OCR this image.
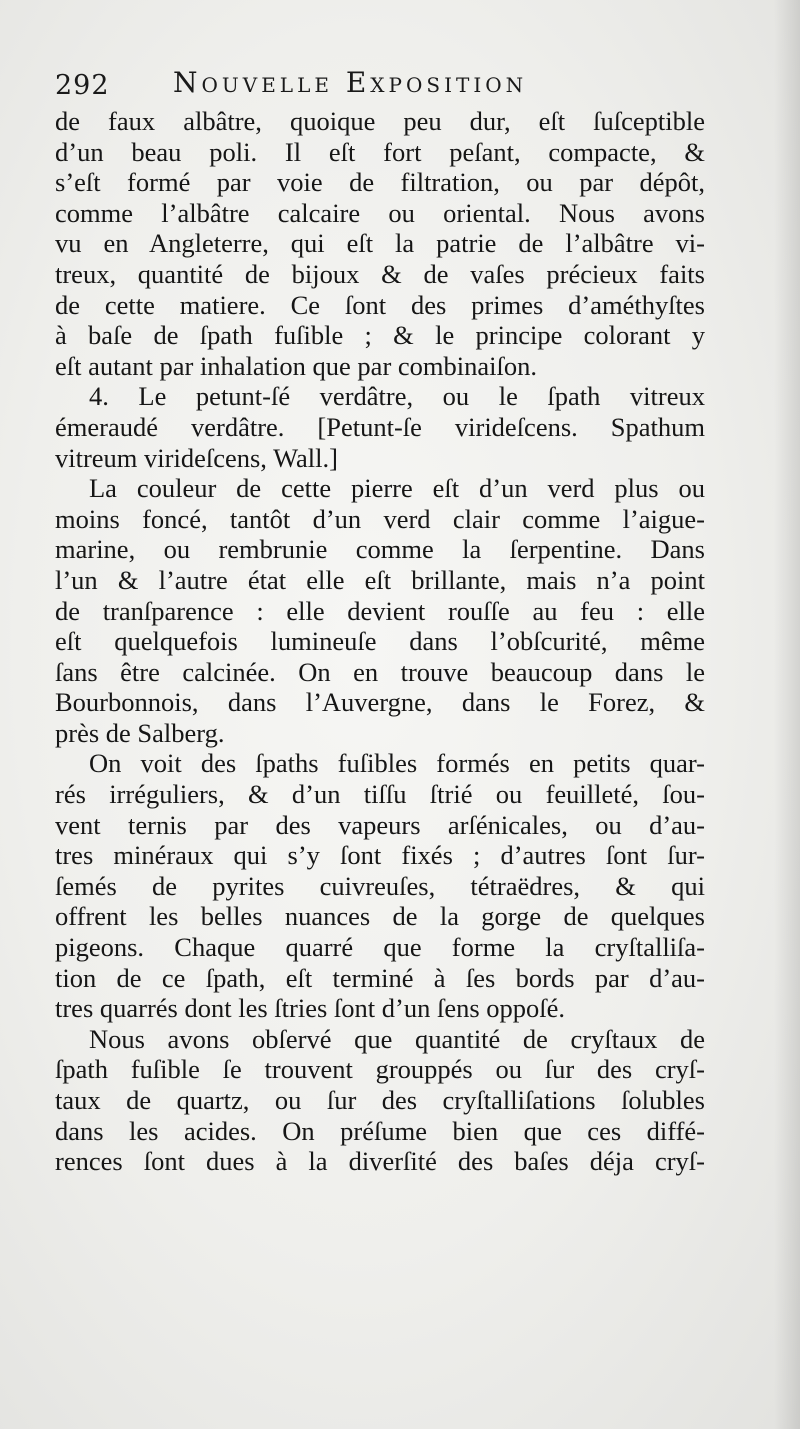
292 Nouvelle Exposition
de faux albâtre, quoique peu dur, eſt ſuſceptible
d’un beau poli. Il eſt fort peſant, compacte, &
s’eſt formé par voie de filtration, ou par dépôt,
comme l’albâtre calcaire ou oriental. Nous avons
vu en Angleterre, qui eſt la patrie de l’albâtre vi-
treux, quantité de bijoux & de vaſes précieux faits
de cette matiere. Ce ſont des primes d’améthyſtes
à baſe de ſpath fuſible ; & le principe colorant y
eſt autant par inhalation que par combinaiſon.
4. Le petunt-ſé verdâtre, ou le ſpath vitreux
émeraudé verdâtre. [Petunt-ſe virideſcens. Spathum
vitreum virideſcens, Wall.]
La couleur de cette pierre eſt d’un verd plus ou
moins foncé, tantôt d’un verd clair comme l’aigue-
marine, ou rembrunie comme la ſerpentine. Dans
l’un & l’autre état elle eſt brillante, mais n’a point
de tranſparence : elle devient rouſſe au feu : elle
eſt quelquefois lumineuſe dans l’obſcurité, même
ſans être calcinée. On en trouve beaucoup dans le
Bourbonnois, dans l’Auvergne, dans le Forez, &
près de Salberg.
On voit des ſpaths fuſibles formés en petits quar-
rés irréguliers, & d’un tiſſu ſtrié ou feuilleté, ſou-
vent ternis par des vapeurs arſénicales, ou d’au-
tres minéraux qui s’y ſont fixés ; d’autres ſont ſur-
ſemés de pyrites cuivreuſes, tétraëdres, & qui
offrent les belles nuances de la gorge de quelques
pigeons. Chaque quarré que forme la cryſtalliſa-
tion de ce ſpath, eſt terminé à ſes bords par d’au-
tres quarrés dont les ſtries ſont d’un ſens oppoſé.
Nous avons obſervé que quantité de cryſtaux de
ſpath fuſible ſe trouvent grouppés ou ſur des cryſ-
taux de quartz, ou ſur des cryſtalliſations ſolubles
dans les acides. On préſume bien que ces diffé-
rences ſont dues à la diverſité des baſes déja cryſ-
